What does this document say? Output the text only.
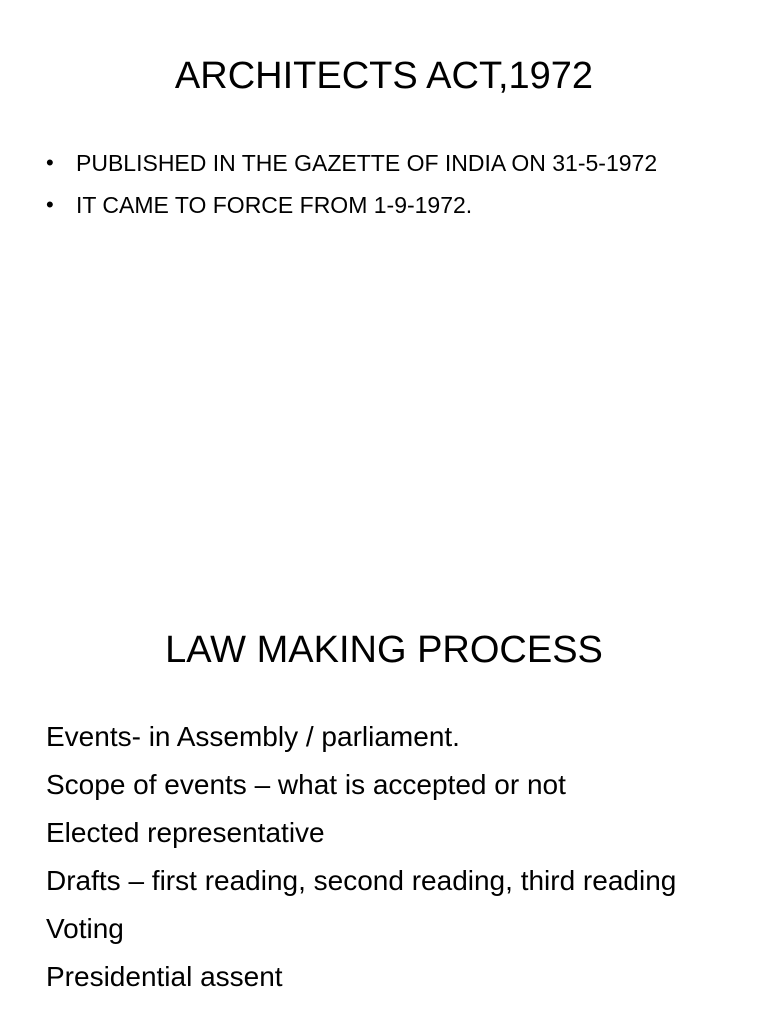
ARCHITECTS ACT,1972
• PUBLISHED IN THE GAZETTE OF INDIA ON 31-5-1972
• IT CAME TO FORCE FROM 1-9-1972.
LAW MAKING PROCESS
Events- in Assembly / parliament.
Scope of events – what is accepted or not
Elected representative
Drafts – first reading, second reading, third reading
Voting
Presidential assent
